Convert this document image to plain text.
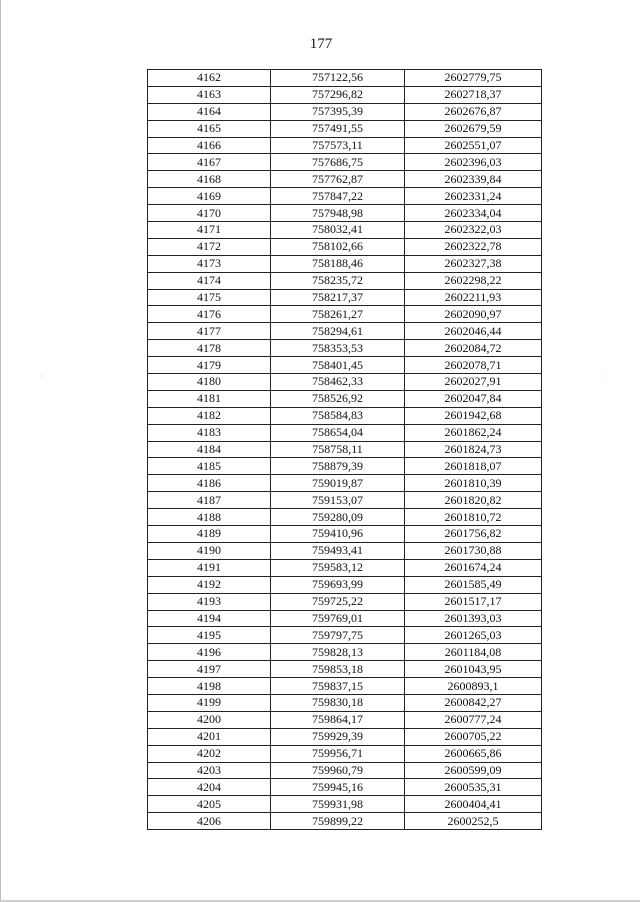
177
4162	757122,56	2602779,75
4163	757296,82	2602718,37
4164	757395,39	2602676,87
4165	757491,55	2602679,59
4166	757573,11	2602551,07
4167	757686,75	2602396,03
4168	757762,87	2602339,84
4169	757847,22	2602331,24
4170	757948,98	2602334,04
4171	758032,41	2602322,03
4172	758102,66	2602322,78
4173	758188,46	2602327,38
4174	758235,72	2602298,22
4175	758217,37	2602211,93
4176	758261,27	2602090,97
4177	758294,61	2602046,44
4178	758353,53	2602084,72
4179	758401,45	2602078,71
4180	758462,33	2602027,91
4181	758526,92	2602047,84
4182	758584,83	2601942,68
4183	758654,04	2601862,24
4184	758758,11	2601824,73
4185	758879,39	2601818,07
4186	759019,87	2601810,39
4187	759153,07	2601820,82
4188	759280,09	2601810,72
4189	759410,96	2601756,82
4190	759493,41	2601730,88
4191	759583,12	2601674,24
4192	759693,99	2601585,49
4193	759725,22	2601517,17
4194	759769,01	2601393,03
4195	759797,75	2601265,03
4196	759828,13	2601184,08
4197	759853,18	2601043,95
4198	759837,15	2600893,1
4199	759830,18	2600842,27
4200	759864,17	2600777,24
4201	759929,39	2600705,22
4202	759956,71	2600665,86
4203	759960,79	2600599,09
4204	759945,16	2600535,31
4205	759931,98	2600404,41
4206	759899,22	2600252,5
·	·
